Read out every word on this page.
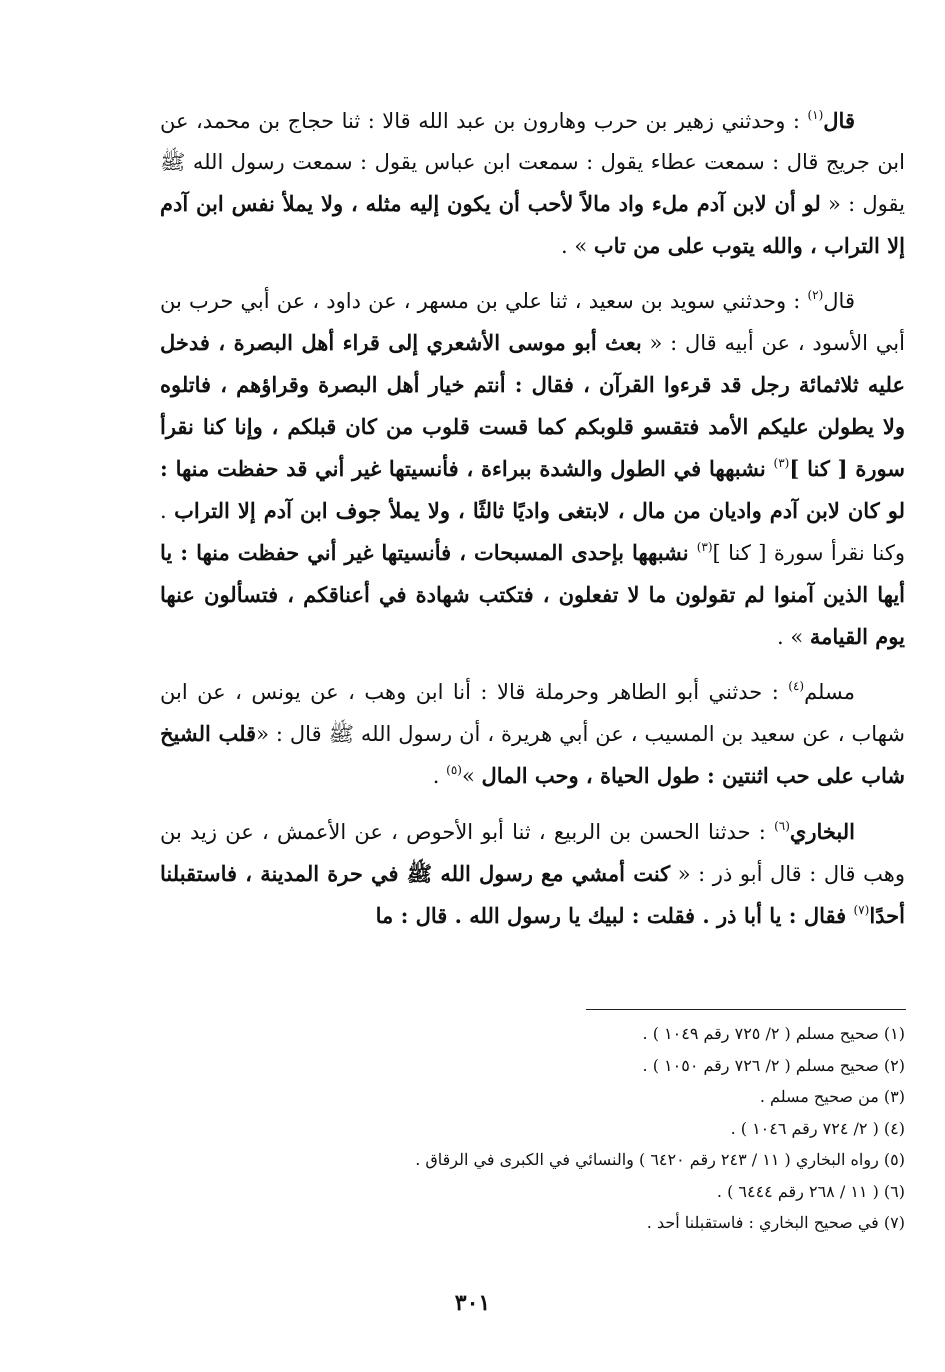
قال$^{(١)}$ : وحدثني زهير بن حرب وهارون بن عبد الله قالا : ثنا حجاج بن محمد، عن ابن جريج قال : سمعت عطاء يقول : سمعت ابن عباس يقول : سمعت رسول الله ﷺ يقول : « لو أن لابن آدم ملء واد مالاً لأحب أن يكون إليه مثله ، ولا يملأ نفس ابن آدم إلا التراب ، والله يتوب على من تاب » .

قال$^{(٢)}$ : وحدثني سويد بن سعيد ، ثنا علي بن مسهر ، عن داود ، عن أبي حرب بن أبي الأسود ، عن أبيه قال : « بعث أبو موسى الأشعري إلى قراء أهل البصرة ، فدخل عليه ثلاثمائة رجل قد قرءوا القرآن ، فقال : أنتم خيار أهل البصرة وقراؤهم ، فاتلوه ولا يطولن عليكم الأمد فتقسو قلوبكم كما قست قلوب من كان قبلكم ، وإنا كنا نقرأ سورة [ كنا ]$^{(٣)}$ نشبهها في الطول والشدة ببراءة ، فأنسيتها غير أني قد حفظت منها : لو كان لابن آدم واديان من مال ، لابتغى واديًا ثالثًا ، ولا يملأ جوف ابن آدم إلا التراب . وكنا نقرأ سورة [ كنا ]$^{(٣)}$ نشبهها بإحدى المسبحات ، فأنسيتها غير أني حفظت منها : يا أيها الذين آمنوا لم تقولون ما لا تفعلون ، فتكتب شهادة في أعناقكم ، فتسألون عنها يوم القيامة » .

مسلم$^{(٤)}$ : حدثني أبو الطاهر وحرملة قالا : أنا ابن وهب ، عن يونس ، عن ابن شهاب ، عن سعيد بن المسيب ، عن أبي هريرة ، أن رسول الله ﷺ قال : «قلب الشيخ شاب على حب اثنتين : طول الحياة ، وحب المال »$^{(٥)}$ .

البخاري$^{(٦)}$ : حدثنا الحسن بن الربيع ، ثنا أبو الأحوص ، عن الأعمش ، عن زيد بن وهب قال : قال أبو ذر : « كنت أمشي مع رسول الله ﷺ في حرة المدينة ، فاستقبلنا أحدًا$^{(٧)}$ فقال : يا أبا ذر . فقلت : لبيك يا رسول الله . قال : ما

(١) صحيح مسلم ( ٢/ ٧٢٥ رقم ١٠٤٩ ) .
(٢) صحيح مسلم ( ٢/ ٧٢٦ رقم ١٠٥٠ ) .
(٣) من صحيح مسلم .
(٤) ( ٢/ ٧٢٤ رقم ١٠٤٦ ) .
(٥) رواه البخاري ( ١١ / ٢٤٣ رقم ٦٤٢٠ ) والنسائي في الكبرى في الرقاق .
(٦) ( ١١ / ٢٦٨ رقم ٦٤٤٤ ) .
(٧) في صحيح البخاري : فاستقبلنا أحد .
٣٠١
